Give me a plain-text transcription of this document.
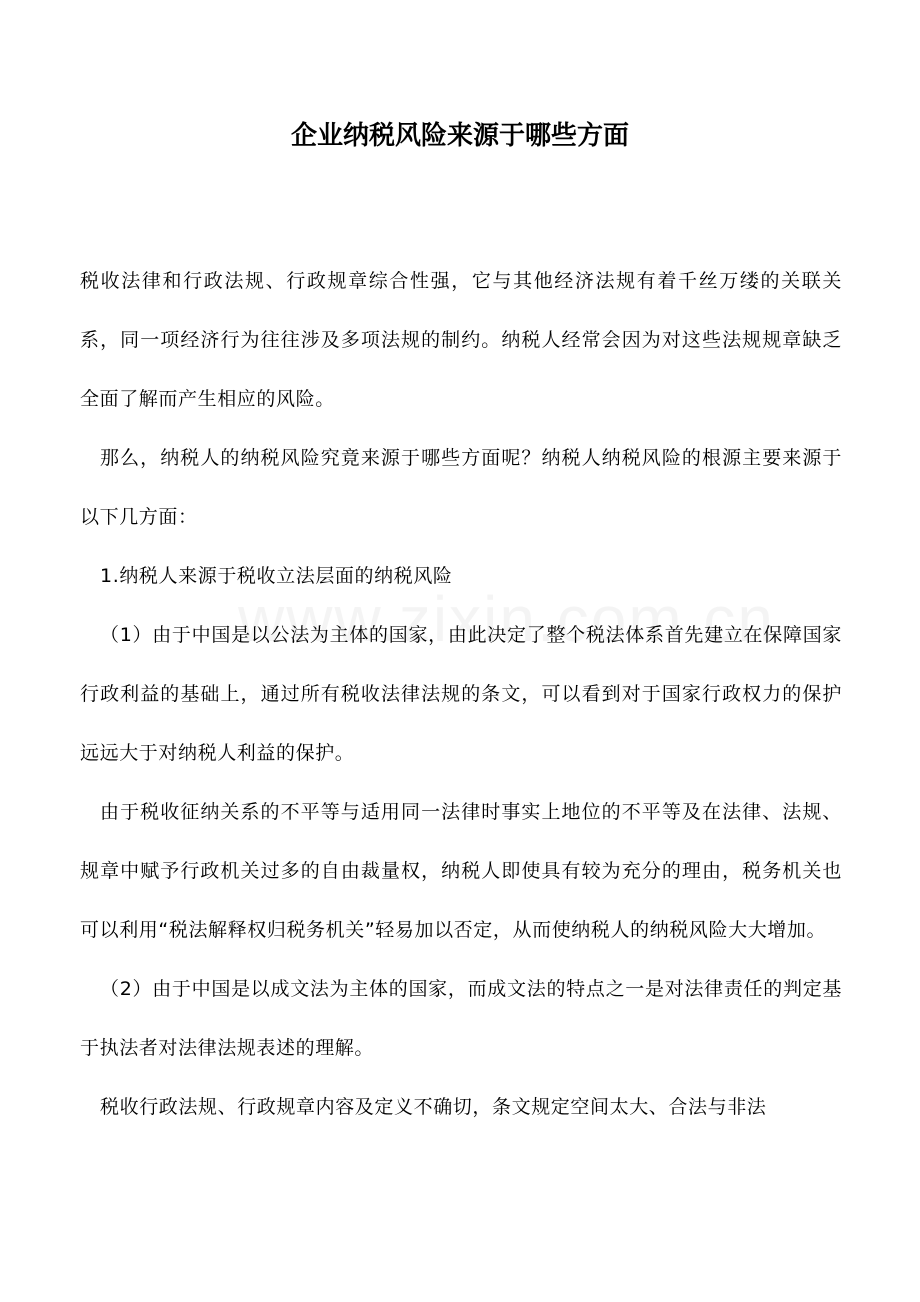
企业纳税风险来源于哪些方面

税收法律和行政法规、行政规章综合性强，它与其他经济法规有着千丝万缕的关联关系，同一项经济行为往往涉及多项法规的制约。纳税人经常会因为对这些法规规章缺乏全面了解而产生相应的风险。

那么，纳税人的纳税风险究竟来源于哪些方面呢？纳税人纳税风险的根源主要来源于以下几方面：

1.纳税人来源于税收立法层面的纳税风险

（1）由于中国是以公法为主体的国家，由此决定了整个税法体系首先建立在保障国家行政利益的基础上，通过所有税收法律法规的条文，可以看到对于国家行政权力的保护远远大于对纳税人利益的保护。

由于税收征纳关系的不平等与适用同一法律时事实上地位的不平等及在法律、法规、规章中赋予行政机关过多的自由裁量权，纳税人即使具有较为充分的理由，税务机关也可以利用“税法解释权归税务机关”轻易加以否定，从而使纳税人的纳税风险大大增加。

（2）由于中国是以成文法为主体的国家，而成文法的特点之一是对法律责任的判定基于执法者对法律法规表述的理解。

税收行政法规、行政规章内容及定义不确切，条文规定空间太大、合法与非法
